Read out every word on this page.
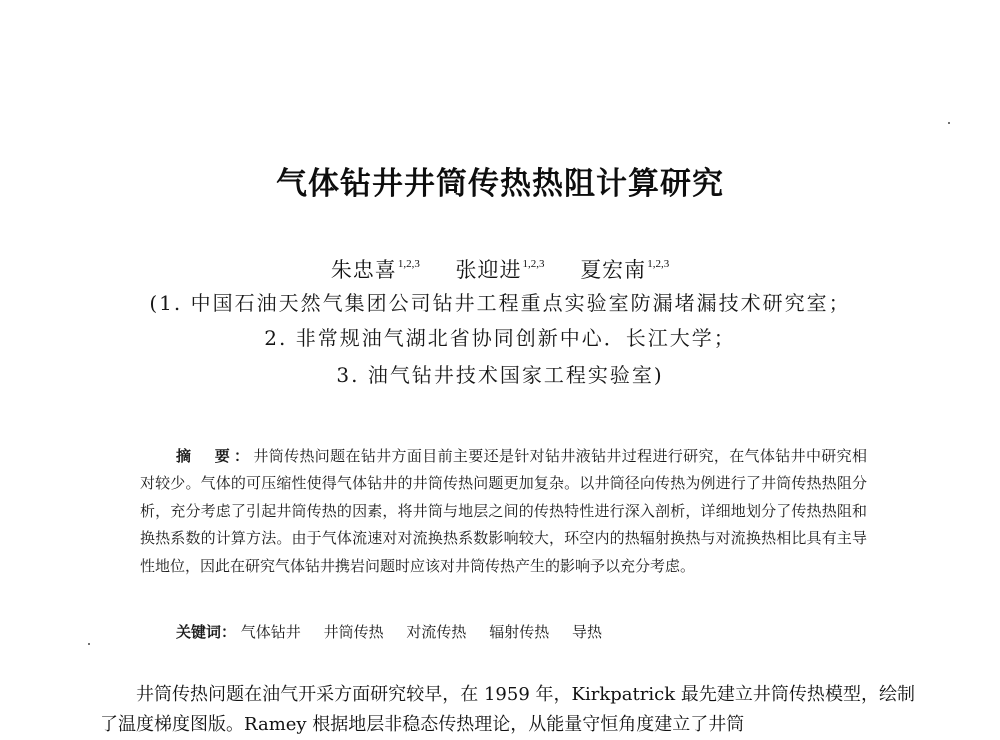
气体钻井井筒传热热阻计算研究
朱忠喜$^{1,2,3}$ 张迎进$^{1,2,3}$ 夏宏南$^{1,2,3}$
(1. 中国石油天然气集团公司钻井工程重点实验室防漏堵漏技术研究室；
2. 非常规油气湖北省协同创新中心．长江大学；
3. 油气钻井技术国家工程实验室)
摘　要：井筒传热问题在钻井方面目前主要还是针对钻井液钻井过程进行研究，在气体钻井中研究相对较少。气体的可压缩性使得气体钻井的井筒传热问题更加复杂。以井筒径向传热为例进行了井筒传热热阻分析，充分考虑了引起井筒传热的因素，将井筒与地层之间的传热特性进行深入剖析，详细地划分了传热热阻和换热系数的计算方法。由于气体流速对对流换热系数影响较大，环空内的热辐射换热与对流换热相比具有主导性地位，因此在研究气体钻井携岩问题时应该对井筒传热产生的影响予以充分考虑。
关键词： 气体钻井 井筒传热 对流传热 辐射传热 导热
井筒传热问题在油气开采方面研究较早，在 1959 年，Kirkpatrick 最先建立井筒传热模型，绘制了温度梯度图版。Ramey 根据地层非稳态传热理论，从能量守恒角度建立了井筒
